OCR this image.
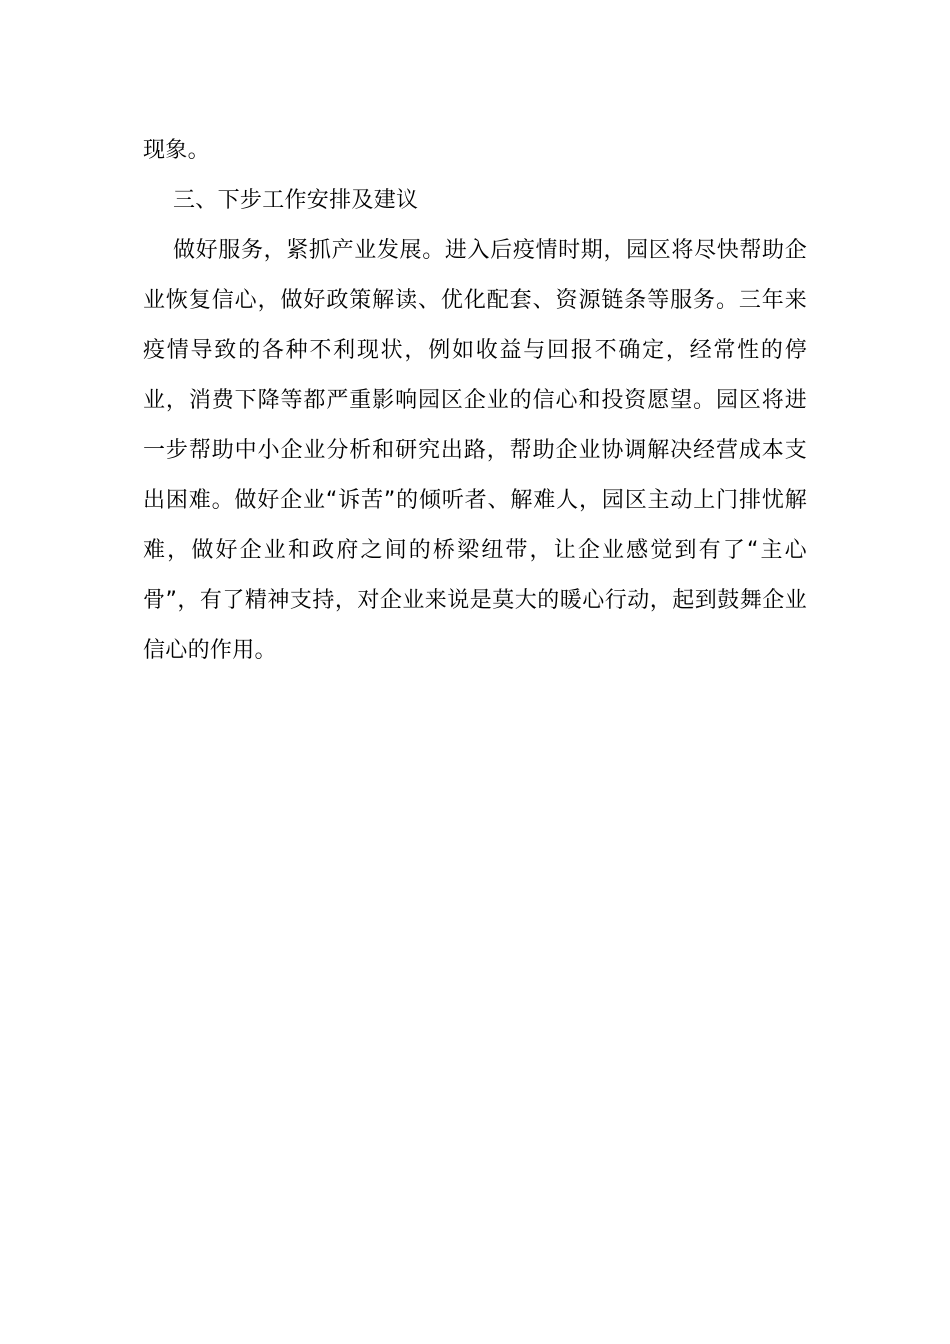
现象。

三、下步工作安排及建议

做好服务，紧抓产业发展。进入后疫情时期，园区将尽快帮助企业恢复信心，做好政策解读、优化配套、资源链条等服务。三年来疫情导致的各种不利现状，例如收益与回报不确定，经常性的停业，消费下降等都严重影响园区企业的信心和投资愿望。园区将进一步帮助中小企业分析和研究出路，帮助企业协调解决经营成本支出困难。做好企业“诉苦”的倾听者、解难人，园区主动上门排忧解难，做好企业和政府之间的桥梁纽带，让企业感觉到有了“主心骨”，有了精神支持，对企业来说是莫大的暖心行动，起到鼓舞企业信心的作用。
